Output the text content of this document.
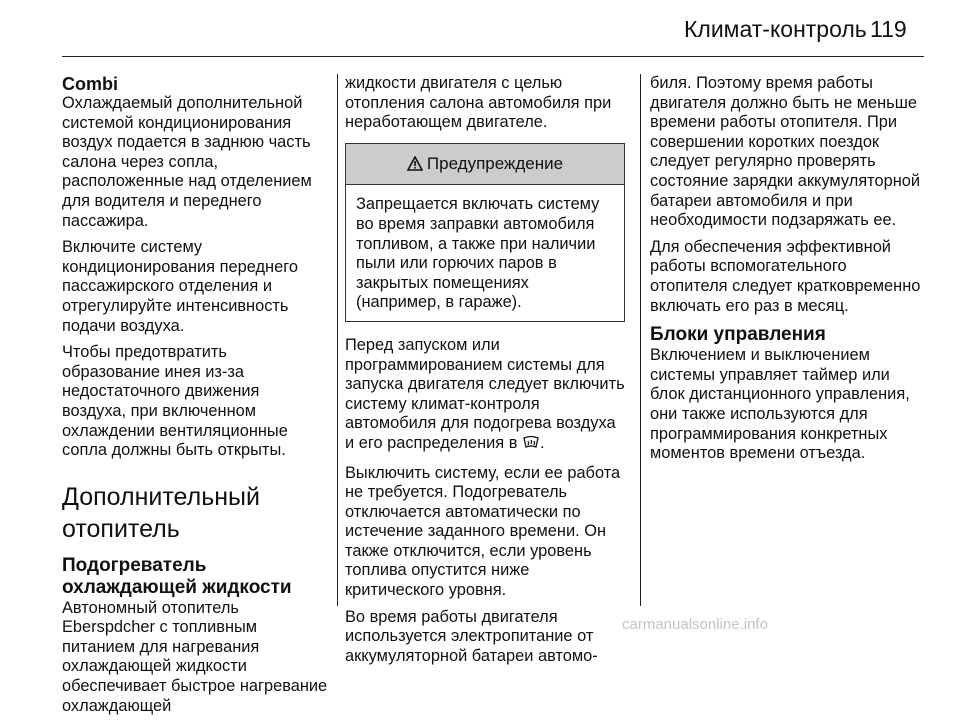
Климат-контроль 119
Combi

Охлаждаемый дополнительной системой кондиционирования воздух подается в заднюю часть салона через сопла, расположенные над отделением для водителя и переднего пассажира.

Включите систему кондиционирования переднего пассажирского отделения и отрегулируйте интенсивность подачи воздуха.

Чтобы предотвратить образование инея из-за недостаточного движения воздуха, при включенном охлаждении вентиляционные сопла должны быть открыты.

Дополнительный отопитель
Подогреватель охлаждающей жидкости

Автономный отопитель Eberspdcher с топливным питанием для нагревания охлаждающей жидкости обеспечивает быстрое нагревание охлаждающей

жидкости двигателя с целью отопления салона автомобиля при неработающем двигателе.

Предупреждение
Запрещается включать систему во время заправки автомобиля топливом, а также при наличии пыли или горючих паров в закрытых помещениях (например, в гараже).

Перед запуском или программированием системы для запуска двигателя следует включить систему климат-контроля автомобиля для подогрева воздуха и его распределения в .

Выключить систему, если ее работа не требуется. Подогреватель отключается автоматически по истечение заданного времени. Он также отключится, если уровень топлива опустится ниже критического уровня.

Во время работы двигателя используется электропитание от аккумуляторной батареи автомо-

биля. Поэтому время работы двигателя должно быть не меньше времени работы отопителя. При совершении коротких поездок следует регулярно проверять состояние зарядки аккумуляторной батареи автомобиля и при необходимости подзаряжать ее.

Для обеспечения эффективной работы вспомогательного отопителя следует кратковременно включать его раз в месяц.

Блоки управления

Включением и выключением системы управляет таймер или блок дистанционного управления, они также используются для программирования конкретных моментов времени отъезда.

carmanualsonline.info
